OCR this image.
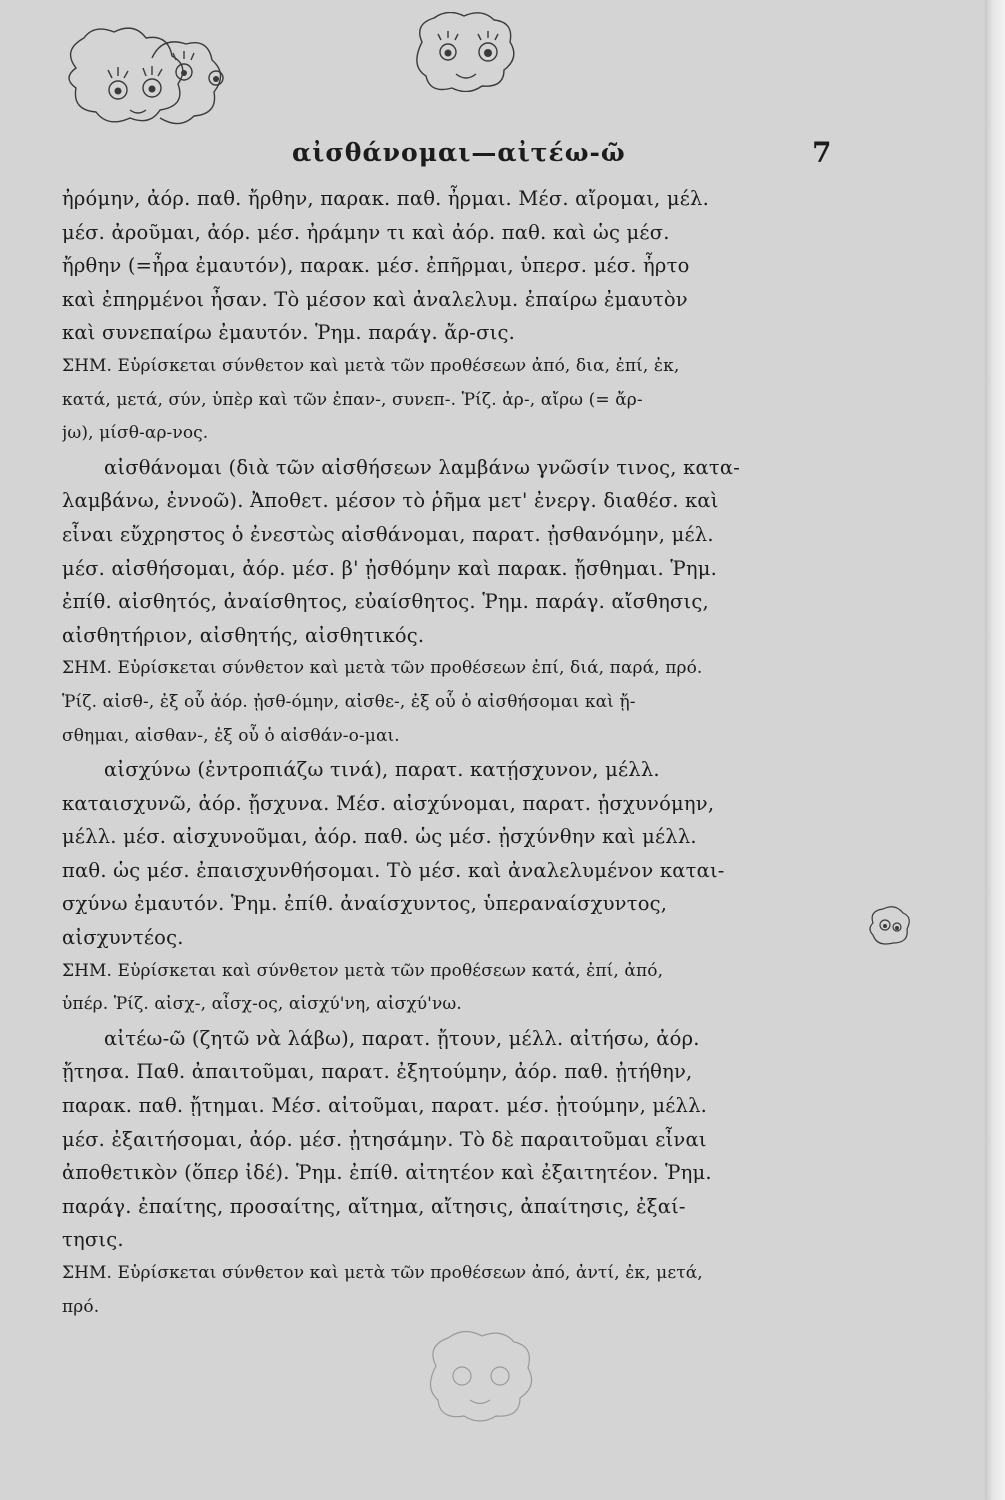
αἰσθάνομαι—αἰτέω-ῶ	7
ἠρόμην, ἀόρ. παθ. ἤρθην, παρακ. παθ. ἦρμαι. Μέσ. αἴρομαι, μέλ.
μέσ. ἀροῦμαι, ἀόρ. μέσ. ἠράμην τι καὶ ἀόρ. παθ. καὶ ὡς μέσ.
ἤρθην (=ἦρα ἐμαυτόν), παρακ. μέσ. ἐπῆρμαι, ὑπερσ. μέσ. ἦρτο
καὶ ἐπηρμένοι ἦσαν. Τὸ μέσον καὶ ἀναλελυμ. ἐπαίρω ἐμαυτὸν
καὶ συνεπαίρω ἐμαυτόν. Ῥημ. παράγ. ἄρ-σις.
ΣΗΜ. Εὑρίσκεται σύνθετον καὶ μετὰ τῶν προθέσεων ἀπό, δια, ἐπί, ἐκ,
κατά, μετά, σύν, ὑπὲρ καὶ τῶν ἐπαν-, συνεπ-. Ῥίζ. ἀρ-, αἴρω (= ἄρ-
jω), μίσθ-αρ-νος.
αἰσθάνομαι (διὰ τῶν αἰσθήσεων λαμβάνω γνῶσίν τινος, κατα-
λαμβάνω, ἐννοῶ). Ἀποθετ. μέσον τὸ ῥῆμα μετ' ἐνεργ. διαθέσ. καὶ
εἶναι εὔχρηστος ὁ ἐνεστὼς αἰσθάνομαι, παρατ. ᾐσθανόμην, μέλ.
μέσ. αἰσθήσομαι, ἀόρ. μέσ. β' ᾐσθόμην καὶ παρακ. ᾔσθημαι. Ῥημ.
ἐπίθ. αἰσθητός, ἀναίσθητος, εὐαίσθητος. Ῥημ. παράγ. αἴσθησις,
αἰσθητήριον, αἰσθητής, αἰσθητικός.
ΣΗΜ. Εὑρίσκεται σύνθετον καὶ μετὰ τῶν προθέσεων ἐπί, διά, παρά, πρό.
Ῥίζ. αἰσθ-, ἐξ οὗ ἀόρ. ᾐσθ-όμην, αἰσθε-, ἐξ οὗ ὁ αἰσθήσομαι καὶ ᾔ-
σθημαι, αἰσθαν-, ἐξ οὗ ὁ αἰσθάν-ο-μαι.
αἰσχύνω (ἐντροπιάζω τινά), παρατ. κατῄσχυνον, μέλλ.
καταισχυνῶ, ἀόρ. ᾔσχυνα. Μέσ. αἰσχύνομαι, παρατ. ᾐσχυνόμην,
μέλλ. μέσ. αἰσχυνοῦμαι, ἀόρ. παθ. ὡς μέσ. ᾐσχύνθην καὶ μέλλ.
παθ. ὡς μέσ. ἐπαισχυνθήσομαι. Τὸ μέσ. καὶ ἀναλελυμένον καται-
σχύνω ἐμαυτόν. Ῥημ. ἐπίθ. ἀναίσχυντος, ὑπεραναίσχυντος,
αἰσχυντέος.
ΣΗΜ. Εὑρίσκεται καὶ σύνθετον μετὰ τῶν προθέσεων κατά, ἐπί, ἀπό,
ὑπέρ. Ῥίζ. αἰσχ-, αἶσχ-ος, αἰσχύ'νη, αἰσχύ'νω.
αἰτέω-ῶ (ζητῶ νὰ λάβω), παρατ. ᾔτουν, μέλλ. αἰτήσω, ἀόρ.
ᾔτησα. Παθ. ἀπαιτοῦμαι, παρατ. ἐξητούμην, ἀόρ. παθ. ᾐτήθην,
παρακ. παθ. ᾔτημαι. Μέσ. αἰτοῦμαι, παρατ. μέσ. ᾐτούμην, μέλλ.
μέσ. ἐξαιτήσομαι, ἀόρ. μέσ. ᾐτησάμην. Τὸ δὲ παραιτοῦμαι εἶναι
ἀποθετικὸν (ὅπερ ἰδέ). Ῥημ. ἐπίθ. αἰτητέον καὶ ἐξαιτητέον. Ῥημ.
παράγ. ἐπαίτης, προσαίτης, αἴτημα, αἴτησις, ἀπαίτησις, ἐξαί-
τησις.
ΣΗΜ. Εὑρίσκεται σύνθετον καὶ μετὰ τῶν προθέσεων ἀπό, ἀντί, ἐκ, μετά,
πρό.
